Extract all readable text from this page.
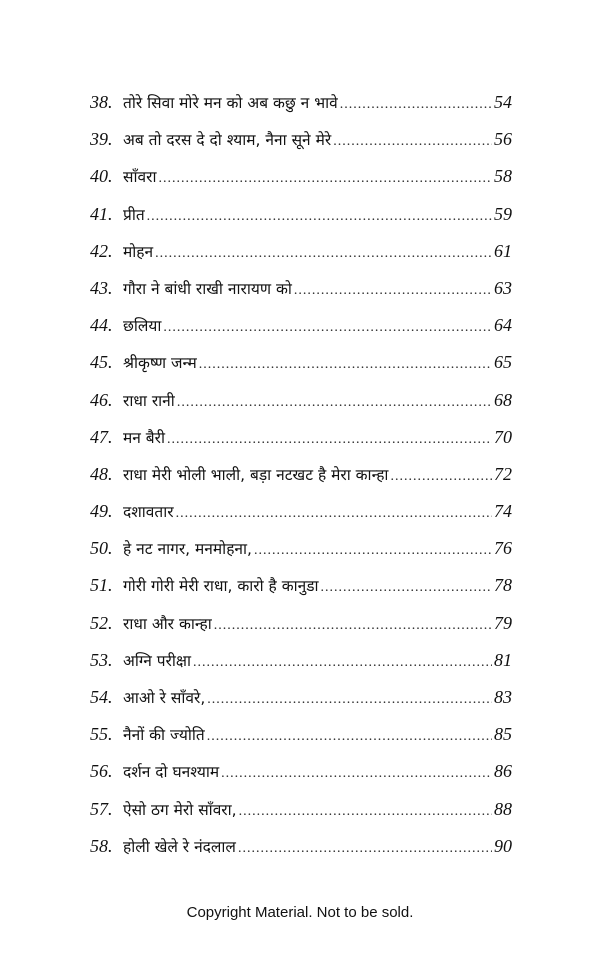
38. तोरे सिवा मोरे मन को अब कछु न भावे .....	54
39. अब तो दरस दे दो श्याम, नैना सूने मेरे .....	56
40. साँवरा .....	58
41. प्रीत .....	59
42. मोहन .....	61
43. गौरा ने बांधी राखी नारायण को .....	63
44. छलिया .....	64
45. श्रीकृष्ण जन्म .....	65
46. राधा रानी .....	68
47. मन बैरी .....	70
48. राधा मेरी भोली भाली, बड़ा नटखट है मेरा कान्हा .....	72
49. दशावतार .....	74
50. हे नट नागर, मनमोहना, .....	76
51. गोरी गोरी मेरी राधा, कारो है कानुडा .....	78
52. राधा और कान्हा .....	79
53. अग्नि परीक्षा .....	81
54. आओ रे साँवरे, .....	83
55. नैनों की ज्योति .....	85
56. दर्शन दो घनश्याम .....	86
57. ऐसो ठग मेरो साँवरा, .....	88
58. होली खेले रे नंदलाल .....	90
Copyright Material. Not to be sold.
